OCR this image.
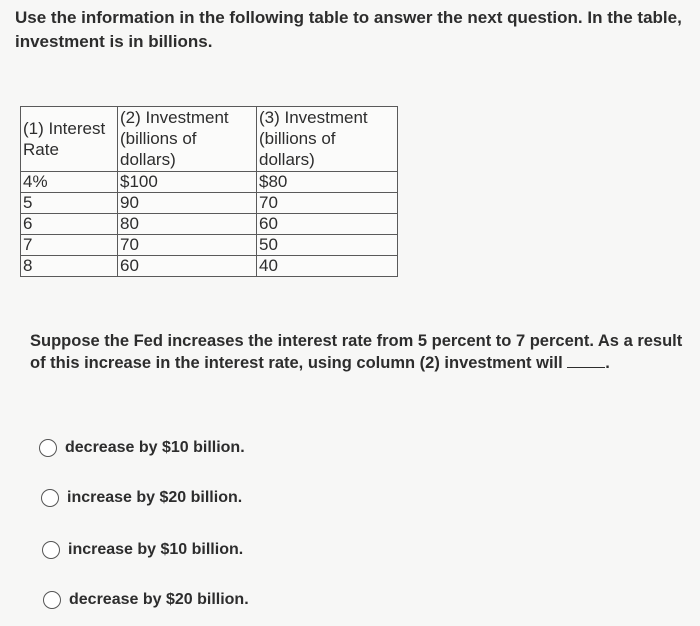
Use the information in the following table to answer the next question. In the table, investment is in billions.
(1) Interest Rate	(2) Investment (billions of dollars)	(3) Investment (billions of dollars)
4%	$100	$80
5	90	70
6	80	60
7	70	50
8	60	40
Suppose the Fed increases the interest rate from 5 percent to 7 percent. As a result of this increase in the interest rate, using column (2) investment will	.
decrease by $10 billion.
increase by $20 billion.
increase by $10 billion.
decrease by $20 billion.
